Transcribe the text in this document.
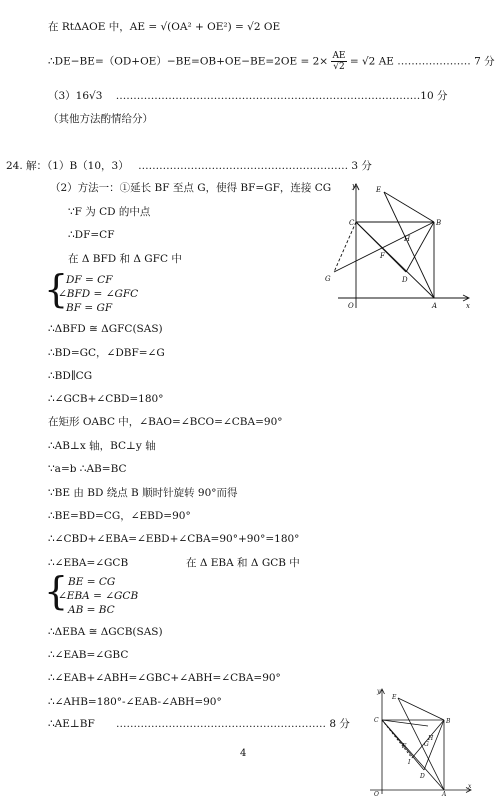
在 RtΔAOE 中，AE = √(OA² + OE²) = √2 OE
∴DE−BE=（OD+OE）−BE=OB+OE−BE=2OE = $2\times \frac{AE}{√2} = √2$ AE ………………… 7 分
（3）16√3 ……………………………………………………………………………10 分
（其他方法酌情给分）
24. 解：（1）B（10，3） …………………………………………………… 3 分
（2）方法一：①延长 BF 至点 G，使得 BF=GF，连接 CG
∵F 为 CD 的中点
∴DF=CF
在 Δ BFD 和 Δ GFC 中
{
DF = CF
∠BFD = ∠GFC
BF = GF
∴ΔBFD ≅ ΔGFC(SAS)
∴BD=GC，∠DBF=∠G
∴BD∥CG
∴∠GCB+∠CBD=180°
在矩形 OABC 中，∠BAO=∠BCO=∠CBA=90°
∴AB⊥x 轴，BC⊥y 轴
∵a=b ∴AB=BC
∵BE 由 BD 绕点 B 顺时针旋转 90°而得
∴BE=BD=CG，∠EBD=90°
∴∠CBD+∠EBA=∠EBD+∠CBA=90°+90°=180°
∴∠EBA=∠GCB	在 Δ EBA 和 Δ GCB 中
{ BE = CG
∠EBA = ∠GCB
AB = BC
∴ΔEBA ≅ ΔGCB(SAS)
∴∠EAB=∠GBC
∴∠EAB+∠ABH=∠GBC+∠ABH=∠CBA=90°
∴∠AHB=180°-∠EAB-∠ABH=90°
∴AE⊥BF …………………………………………………… 8 分
4
y
x
E
C	B
H
F
G	D
O	A
y
x
E
C	B
H
F	G
I
D
O	A
